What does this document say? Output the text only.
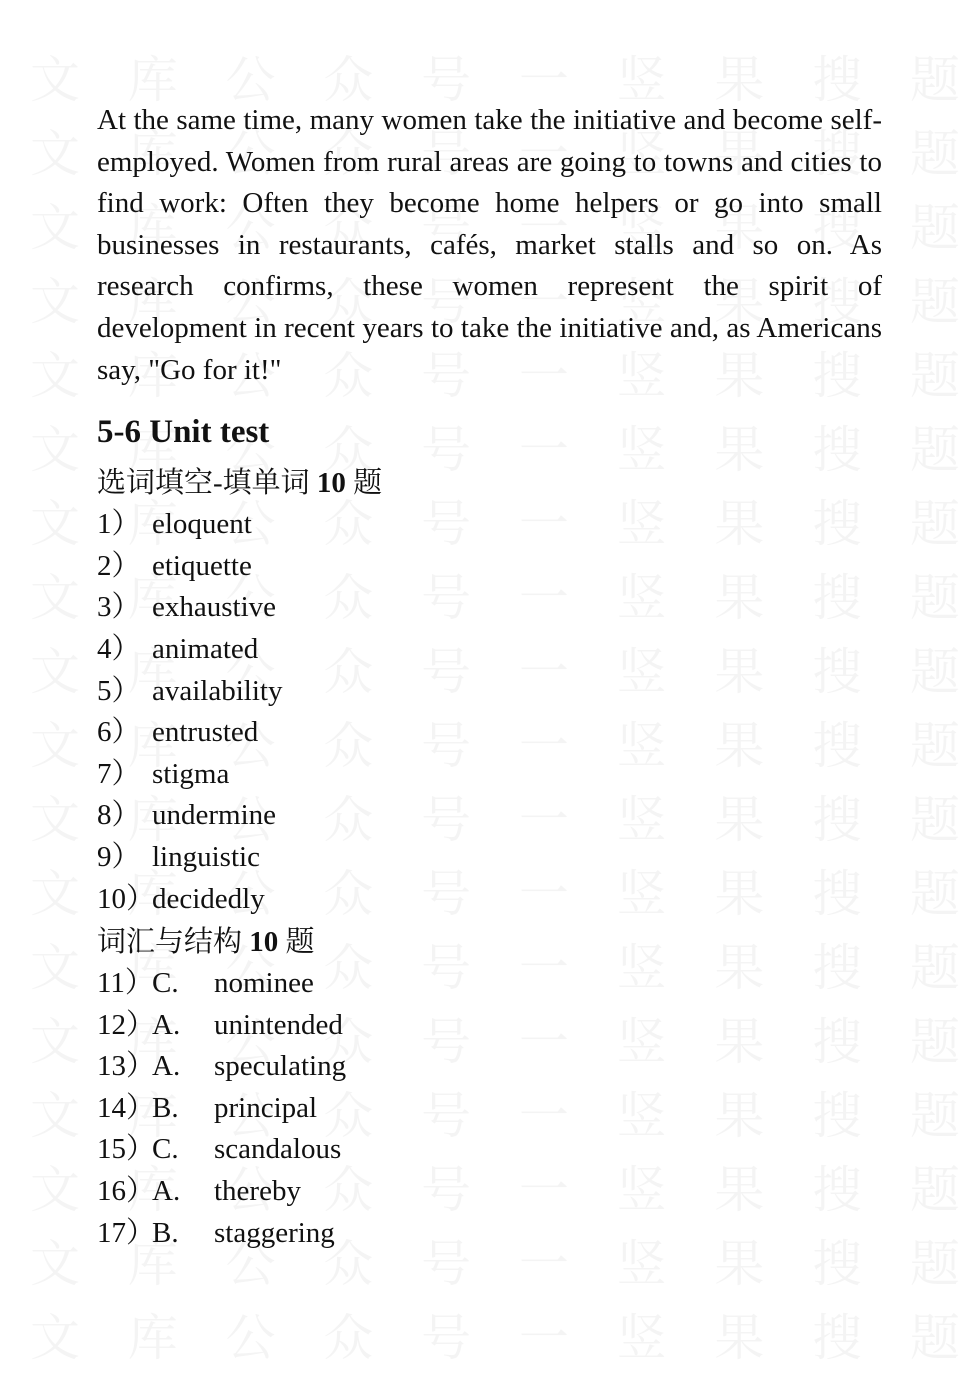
At the same time, many women take the initiative and become self-employed. Women from rural areas are going to towns and cities to find work: Often they become home helpers or go into small businesses in restaurants, cafés, market stalls and so on. As research confirms, these women represent the spirit of development in recent years to take the initiative and, as Americans say, "Go for it!"

5-6 Unit test
选词填空-填单词 10 题
1） eloquent
2） etiquette
3） exhaustive
4） animated
5） availability
6） entrusted
7） stigma
8） undermine
9） linguistic
10）
decidedly
词汇与结构 10 题
11）
C.	nominee
12）
A.	unintended
13）
A.	speculating
14）
B.	principal
15）
C.	scandalous
16）
A.	thereby
17）
B.	staggering
